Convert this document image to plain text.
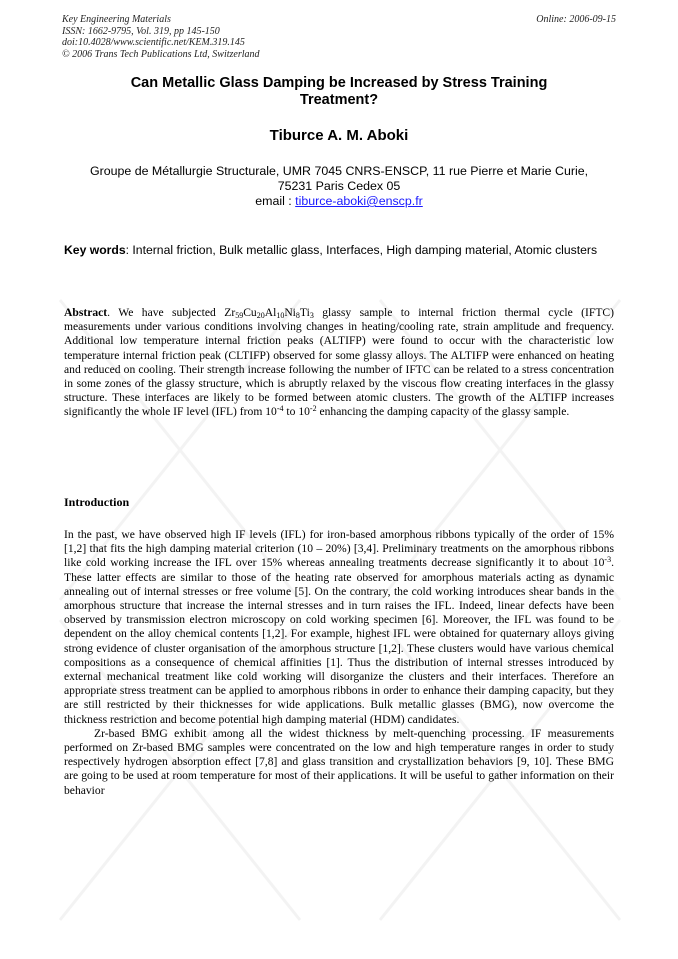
Key Engineering Materials
ISSN: 1662-9795, Vol. 319, pp 145-150
doi:10.4028/www.scientific.net/KEM.319.145
© 2006 Trans Tech Publications Ltd, Switzerland
Online: 2006-09-15
Can Metallic Glass Damping be Increased by Stress Training Treatment?
Tiburce A. M. Aboki
Groupe de Métallurgie Structurale, UMR 7045 CNRS-ENSCP, 11 rue Pierre et Marie Curie,
75231 Paris Cedex 05
email : tiburce-aboki@enscp.fr
Key words: Internal friction, Bulk metallic glass, Interfaces, High damping material, Atomic clusters
Abstract. We have subjected $Zr_{59}Cu_{20}Al_{10}Ni_8Ti_3$ glassy sample to internal friction thermal cycle (IFTC) measurements under various conditions involving changes in heating/cooling rate, strain amplitude and frequency. Additional low temperature internal friction peaks (ALTIFP) were found to occur with the characteristic low temperature internal friction peak (CLTIFP) observed for some glassy alloys. The ALTIFP were enhanced on heating and reduced on cooling. Their strength increase following the number of IFTC can be related to a stress concentration in some zones of the glassy structure, which is abruptly relaxed by the viscous flow creating interfaces in the glassy structure. These interfaces are likely to be formed between atomic clusters. The growth of the ALTIFP increases significantly the whole IF level (IFL) from $10^{-4}$ to $10^{-2}$ enhancing the damping capacity of the glassy sample.
Introduction

In the past, we have observed high IF levels (IFL) for iron-based amorphous ribbons typically of the order of 15% [1,2] that fits the high damping material criterion (10 – 20%) [3,4]. Preliminary treatments on the amorphous ribbons like cold working increase the IFL over 15% whereas annealing treatments decrease significantly it to about $10^{-3}$. These latter effects are similar to those of the heating rate observed for amorphous materials acting as dynamic annealing out of internal stresses or free volume [5]. On the contrary, the cold working introduces shear bands in the amorphous structure that increase the internal stresses and in turn raises the IFL. Indeed, linear defects have been observed by transmission electron microscopy on cold working specimen [6]. Moreover, the IFL was found to be dependent on the alloy chemical contents [1,2]. For example, highest IFL were obtained for quaternary alloys giving strong evidence of cluster organisation of the amorphous structure [1,2]. These clusters would have various chemical compositions as a consequence of chemical affinities [1]. Thus the distribution of internal stresses introduced by external mechanical treatment like cold working will disorganize the clusters and their interfaces. Therefore an appropriate stress treatment can be applied to amorphous ribbons in order to enhance their damping capacity, but they are still restricted by their thicknesses for wide applications. Bulk metallic glasses (BMG), now overcome the thickness restriction and become potential high damping material (HDM) candidates.

Zr-based BMG exhibit among all the widest thickness by melt-quenching processing. IF measurements performed on Zr-based BMG samples were concentrated on the low and high temperature ranges in order to study respectively hydrogen absorption effect [7,8] and glass transition and crystallization behaviors [9, 10]. These BMG are going to be used at room temperature for most of their applications. It will be useful to gather information on their behavior
